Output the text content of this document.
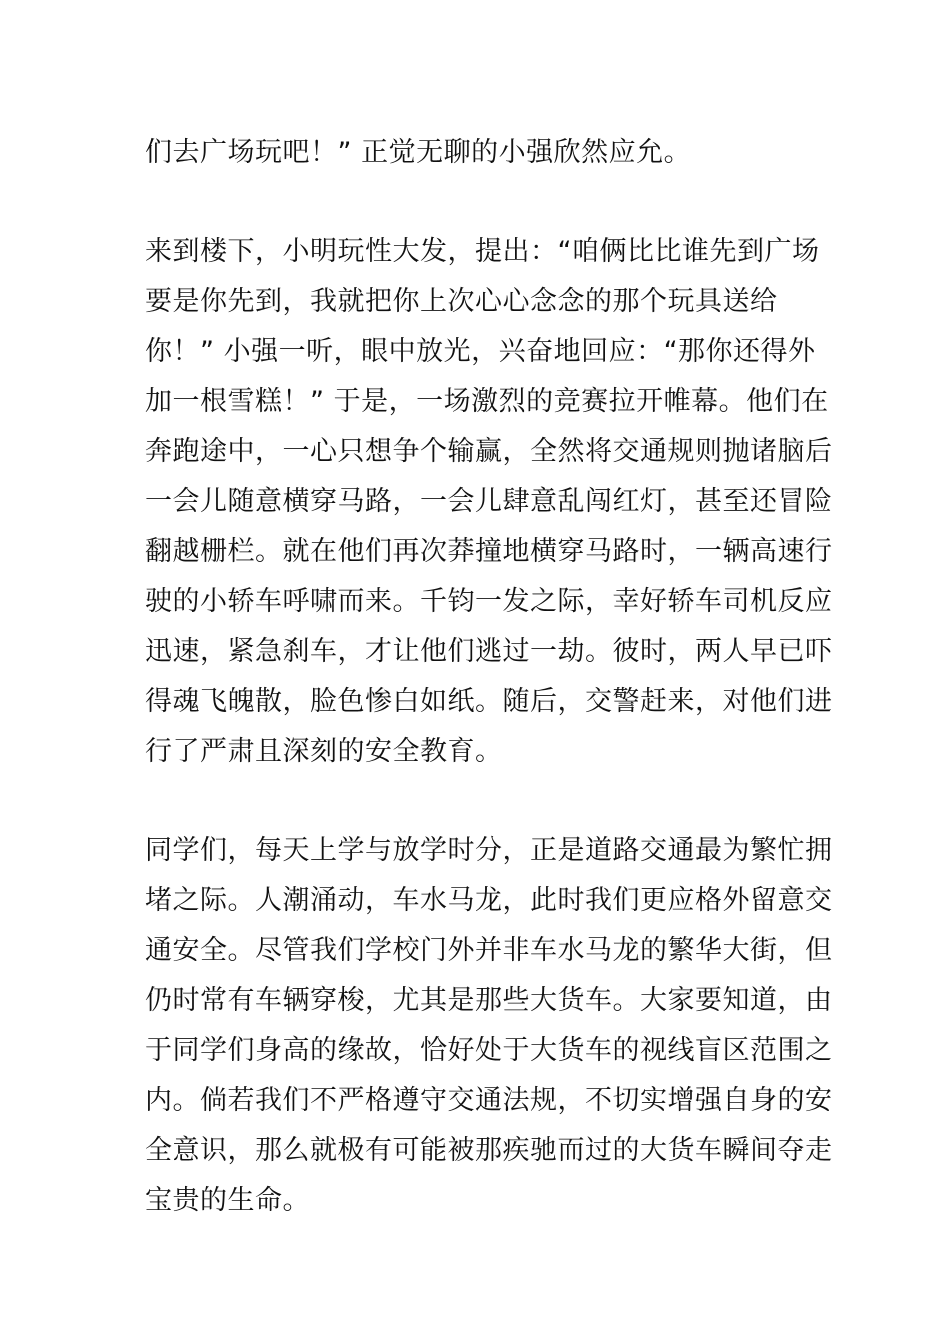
们去广场玩吧！” 正觉无聊的小强欣然应允。
来到楼下，小明玩性大发，提出：“咱俩比比谁先到广场
要是你先到，我就把你上次心心念念的那个玩具送给
你！” 小强一听，眼中放光，兴奋地回应：“那你还得外
加一根雪糕！” 于是，一场激烈的竞赛拉开帷幕。他们在
奔跑途中，一心只想争个输赢，全然将交通规则抛诸脑后
一会儿随意横穿马路，一会儿肆意乱闯红灯，甚至还冒险
翻越栅栏。就在他们再次莽撞地横穿马路时，一辆高速行
驶的小轿车呼啸而来。千钧一发之际，幸好轿车司机反应
迅速，紧急刹车，才让他们逃过一劫。彼时，两人早已吓
得魂飞魄散，脸色惨白如纸。随后，交警赶来，对他们进
行了严肃且深刻的安全教育。
同学们，每天上学与放学时分，正是道路交通最为繁忙拥
堵之际。人潮涌动，车水马龙，此时我们更应格外留意交
通安全。尽管我们学校门外并非车水马龙的繁华大街，但
仍时常有车辆穿梭，尤其是那些大货车。大家要知道，由
于同学们身高的缘故，恰好处于大货车的视线盲区范围之
内。倘若我们不严格遵守交通法规，不切实增强自身的安
全意识，那么就极有可能被那疾驰而过的大货车瞬间夺走
宝贵的生命。
